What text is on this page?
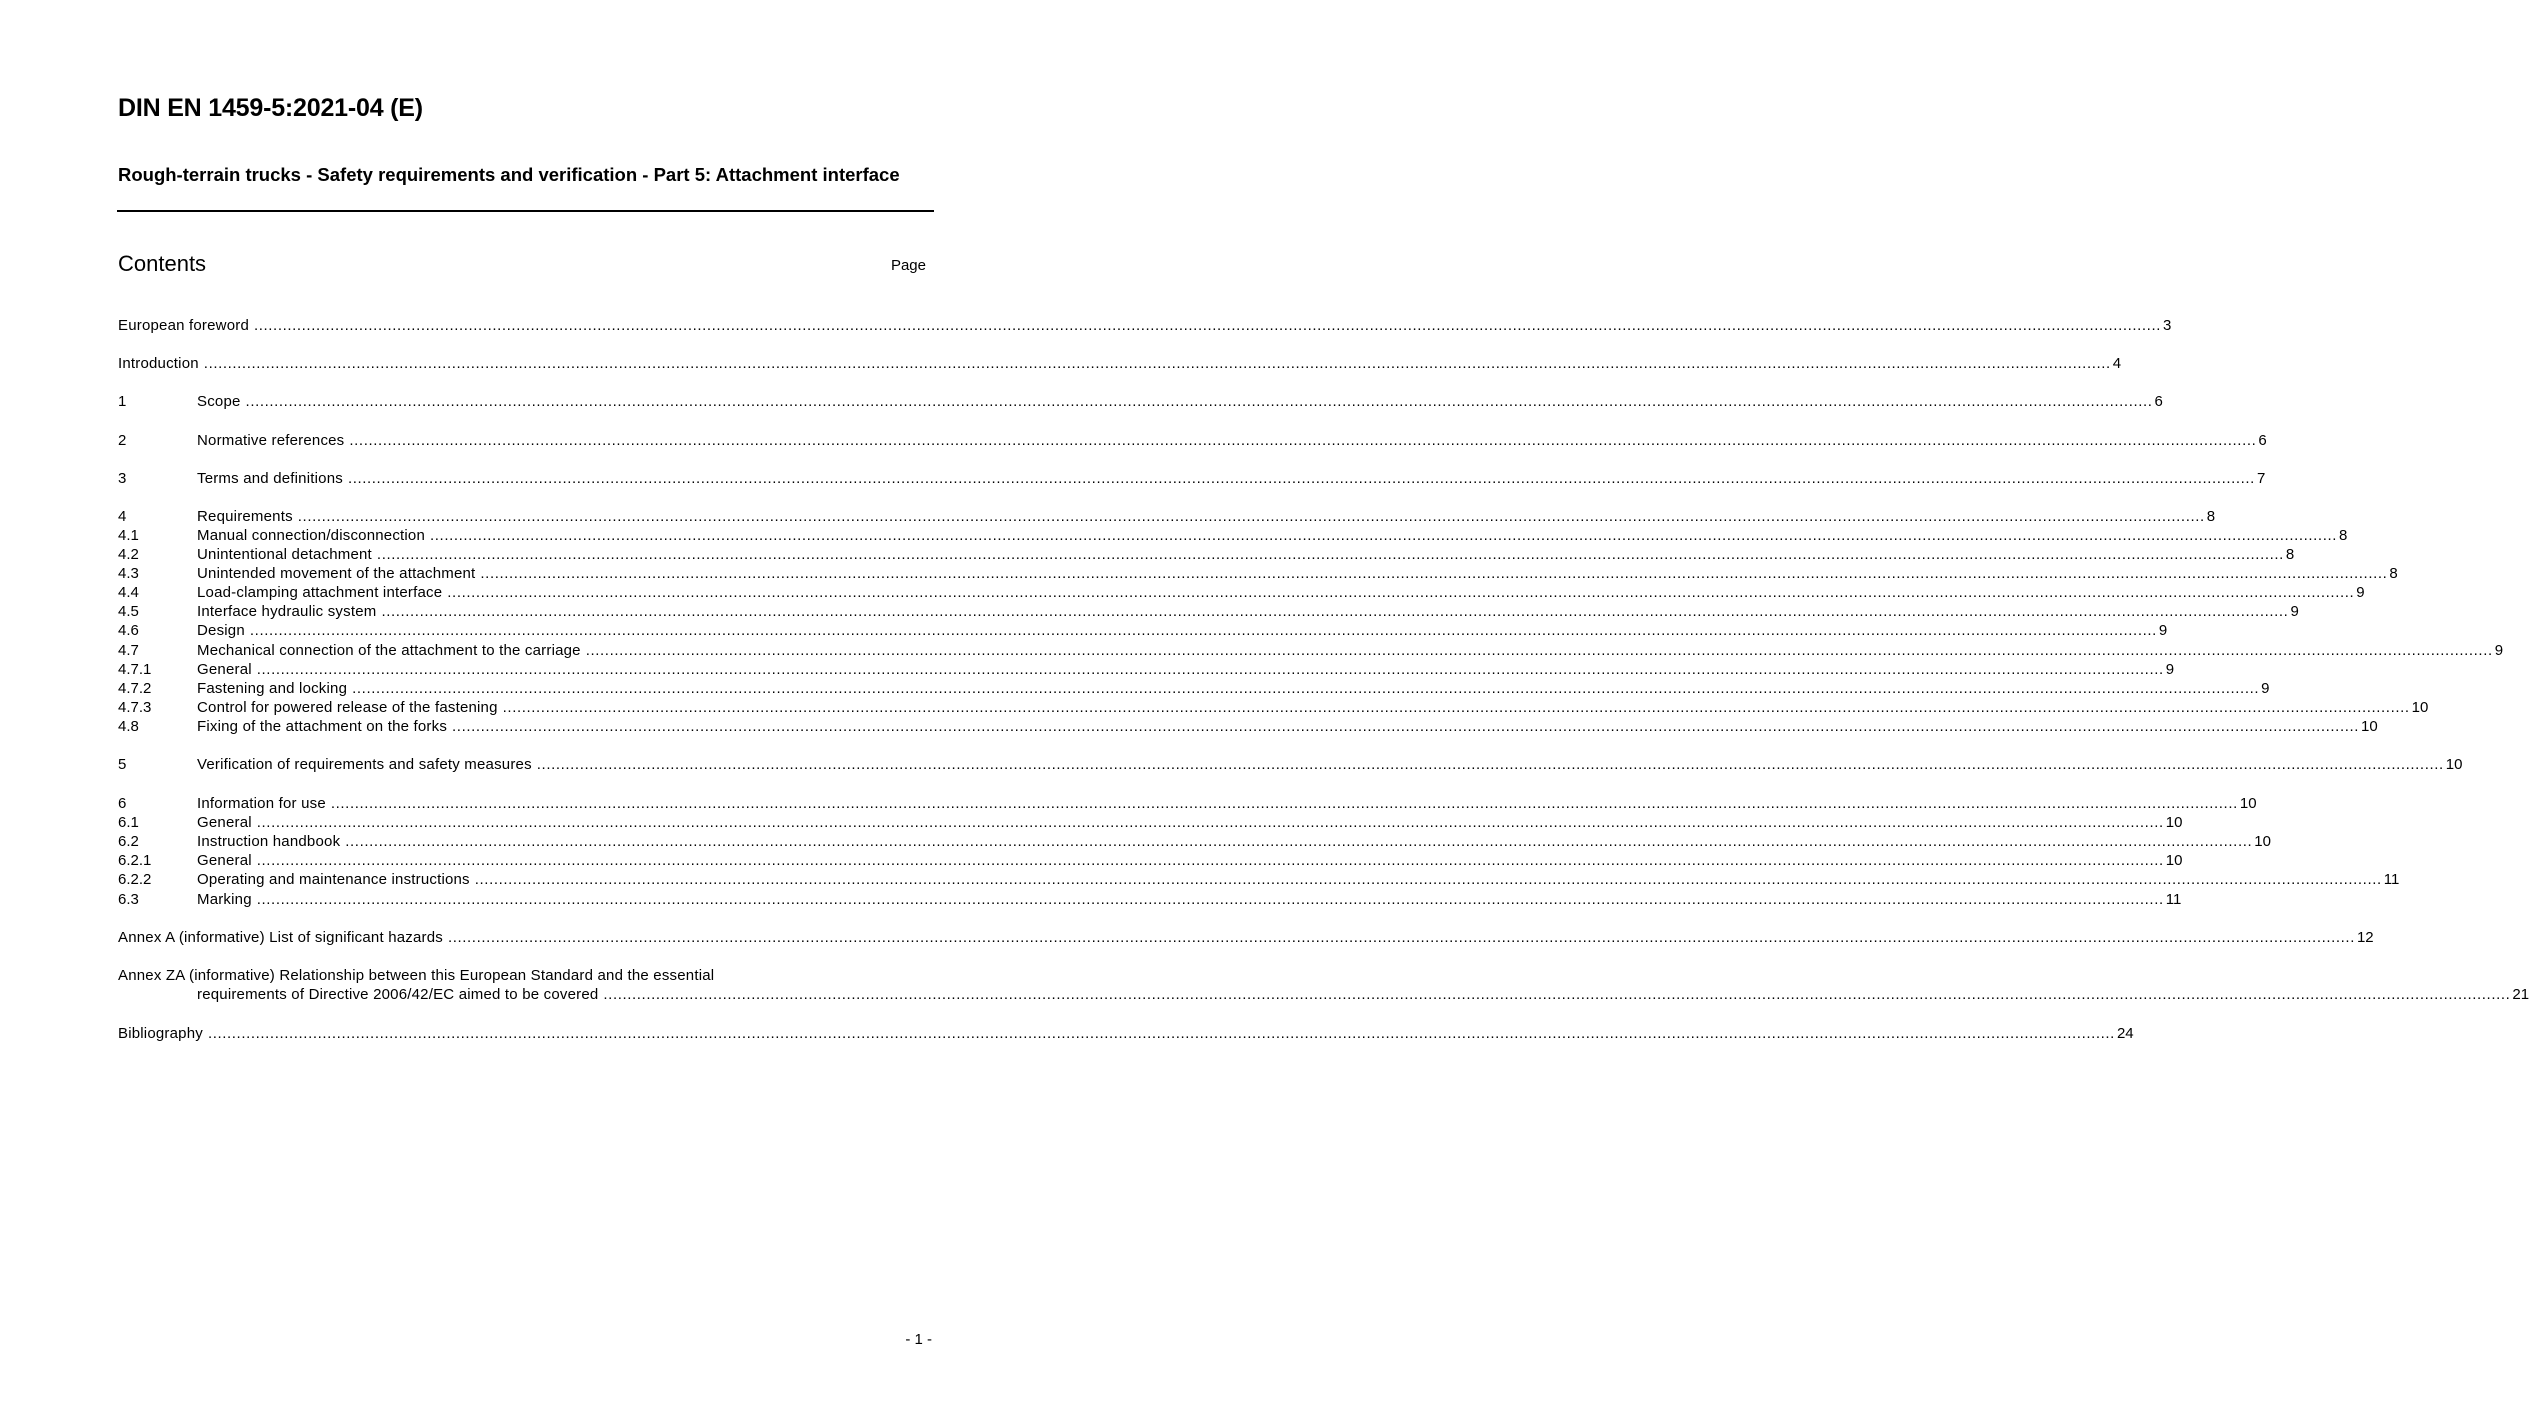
DIN EN 1459-5:2021-04 (E)
Rough-terrain trucks - Safety requirements and verification - Part 5: Attachment interface
Contents	Page
European foreword ................................................................................................................................................................................................................................................................................................................................................................................................................ 3
Introduction ................................................................................................................................................................................................................................................................................................................................................................................................................ 4
1	Scope ................................................................................................................................................................................................................................................................................................................................................................................................................ 6
2	Normative references ................................................................................................................................................................................................................................................................................................................................................................................................................ 6
3	Terms and definitions ................................................................................................................................................................................................................................................................................................................................................................................................................ 7
4	Requirements ................................................................................................................................................................................................................................................................................................................................................................................................................ 8
4.1	Manual connection/disconnection ................................................................................................................................................................................................................................................................................................................................................................................................................ 8
4.2	Unintentional detachment ................................................................................................................................................................................................................................................................................................................................................................................................................ 8
4.3	Unintended movement of the attachment ................................................................................................................................................................................................................................................................................................................................................................................................................ 8
4.4	Load-clamping attachment interface ................................................................................................................................................................................................................................................................................................................................................................................................................ 9
4.5	Interface hydraulic system ................................................................................................................................................................................................................................................................................................................................................................................................................ 9
4.6	Design ................................................................................................................................................................................................................................................................................................................................................................................................................ 9
4.7	Mechanical connection of the attachment to the carriage ................................................................................................................................................................................................................................................................................................................................................................................................................ 9
4.7.1	General ................................................................................................................................................................................................................................................................................................................................................................................................................ 9
4.7.2	Fastening and locking ................................................................................................................................................................................................................................................................................................................................................................................................................ 9
4.7.3	Control for powered release of the fastening ................................................................................................................................................................................................................................................................................................................................................................................................................ 10
4.8	Fixing of the attachment on the forks ................................................................................................................................................................................................................................................................................................................................................................................................................ 10
5	Verification of requirements and safety measures ................................................................................................................................................................................................................................................................................................................................................................................................................ 10
6	Information for use ................................................................................................................................................................................................................................................................................................................................................................................................................ 10
6.1	General ................................................................................................................................................................................................................................................................................................................................................................................................................ 10
6.2	Instruction handbook ................................................................................................................................................................................................................................................................................................................................................................................................................ 10
6.2.1	General ................................................................................................................................................................................................................................................................................................................................................................................................................ 10
6.2.2	Operating and maintenance instructions ................................................................................................................................................................................................................................................................................................................................................................................................................ 11
6.3	Marking ................................................................................................................................................................................................................................................................................................................................................................................................................ 11
Annex A (informative) List of significant hazards ................................................................................................................................................................................................................................................................................................................................................................................................................ 12
Annex ZA (informative) Relationship between this European Standard and the essential
requirements of Directive 2006/42/EC aimed to be covered ................................................................................................................................................................................................................................................................................................................................................................................................................ 21
Bibliography ................................................................................................................................................................................................................................................................................................................................................................................................................ 24
- 1 -
